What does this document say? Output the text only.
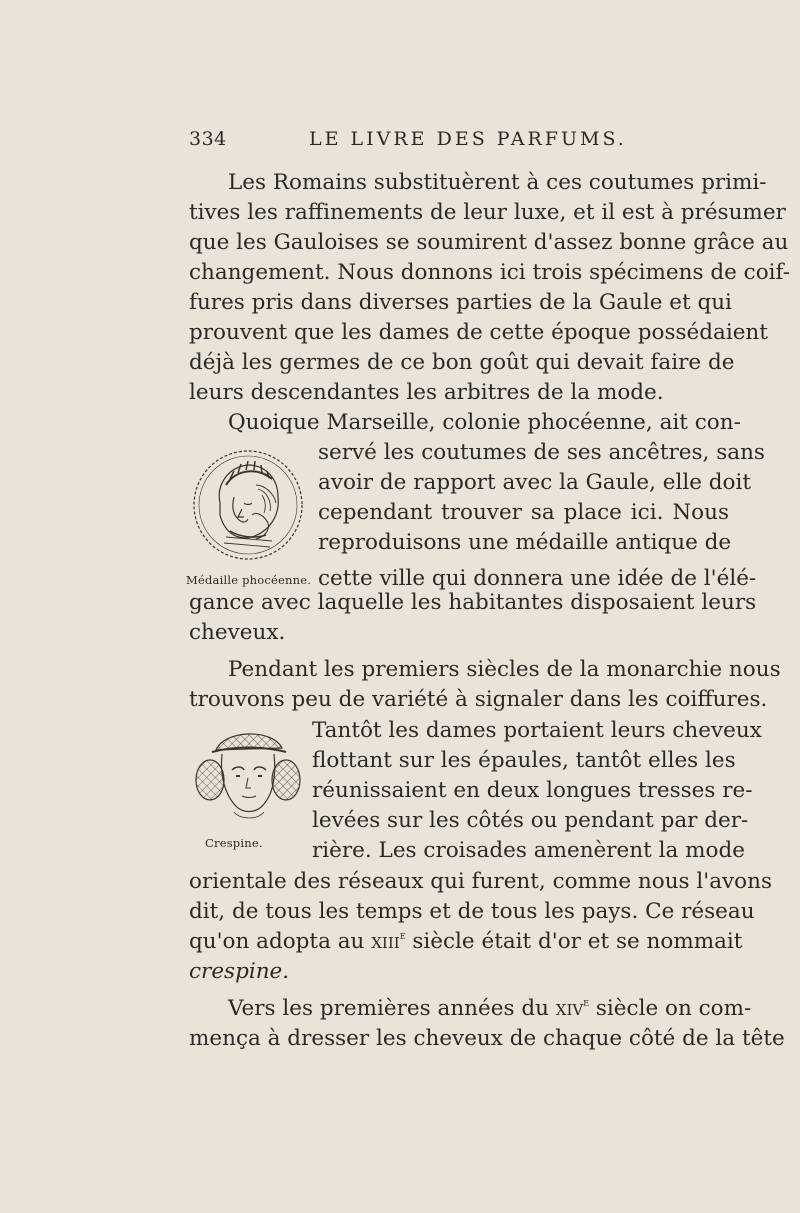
334	LE LIVRE DES PARFUMS.

Les Romains substituèrent à ces coutumes primi-

tives les raffinements de leur luxe, et il est à présumer

que les Gauloises se soumirent d'assez bonne grâce au

changement. Nous donnons ici trois spécimens de coif-

fures pris dans diverses parties de la Gaule et qui

prouvent que les dames de cette époque possédaient

déjà les germes de ce bon goût qui devait faire de

leurs descendantes les arbitres de la mode.

Médaille phocéenne.

Quoique Marseille, colonie phocéenne, ait con-

servé les coutumes de ses ancêtres, sans

avoir de rapport avec la Gaule, elle doit

cependant trouver sa place ici. Nous

reproduisons une médaille antique de

cette ville qui donnera une idée de l'élé-

gance avec laquelle les habitantes disposaient leurs

cheveux.

Crespine.

Pendant les premiers siècles de la monarchie nous

trouvons peu de variété à signaler dans les coiffures.

Tantôt les dames portaient leurs cheveux

flottant sur les épaules, tantôt elles les

réunissaient en deux longues tresses re-

levées sur les côtés ou pendant par der-

rière. Les croisades amenèrent la mode

orientale des réseaux qui furent, comme nous l'avons

dit, de tous les temps et de tous les pays. Ce réseau

qu'on adopta au xiii$^e$ siècle était d'or et se nommait

crespine.

Vers les premières années du xiv$^e$ siècle on com-

mença à dresser les cheveux de chaque côté de la tête
